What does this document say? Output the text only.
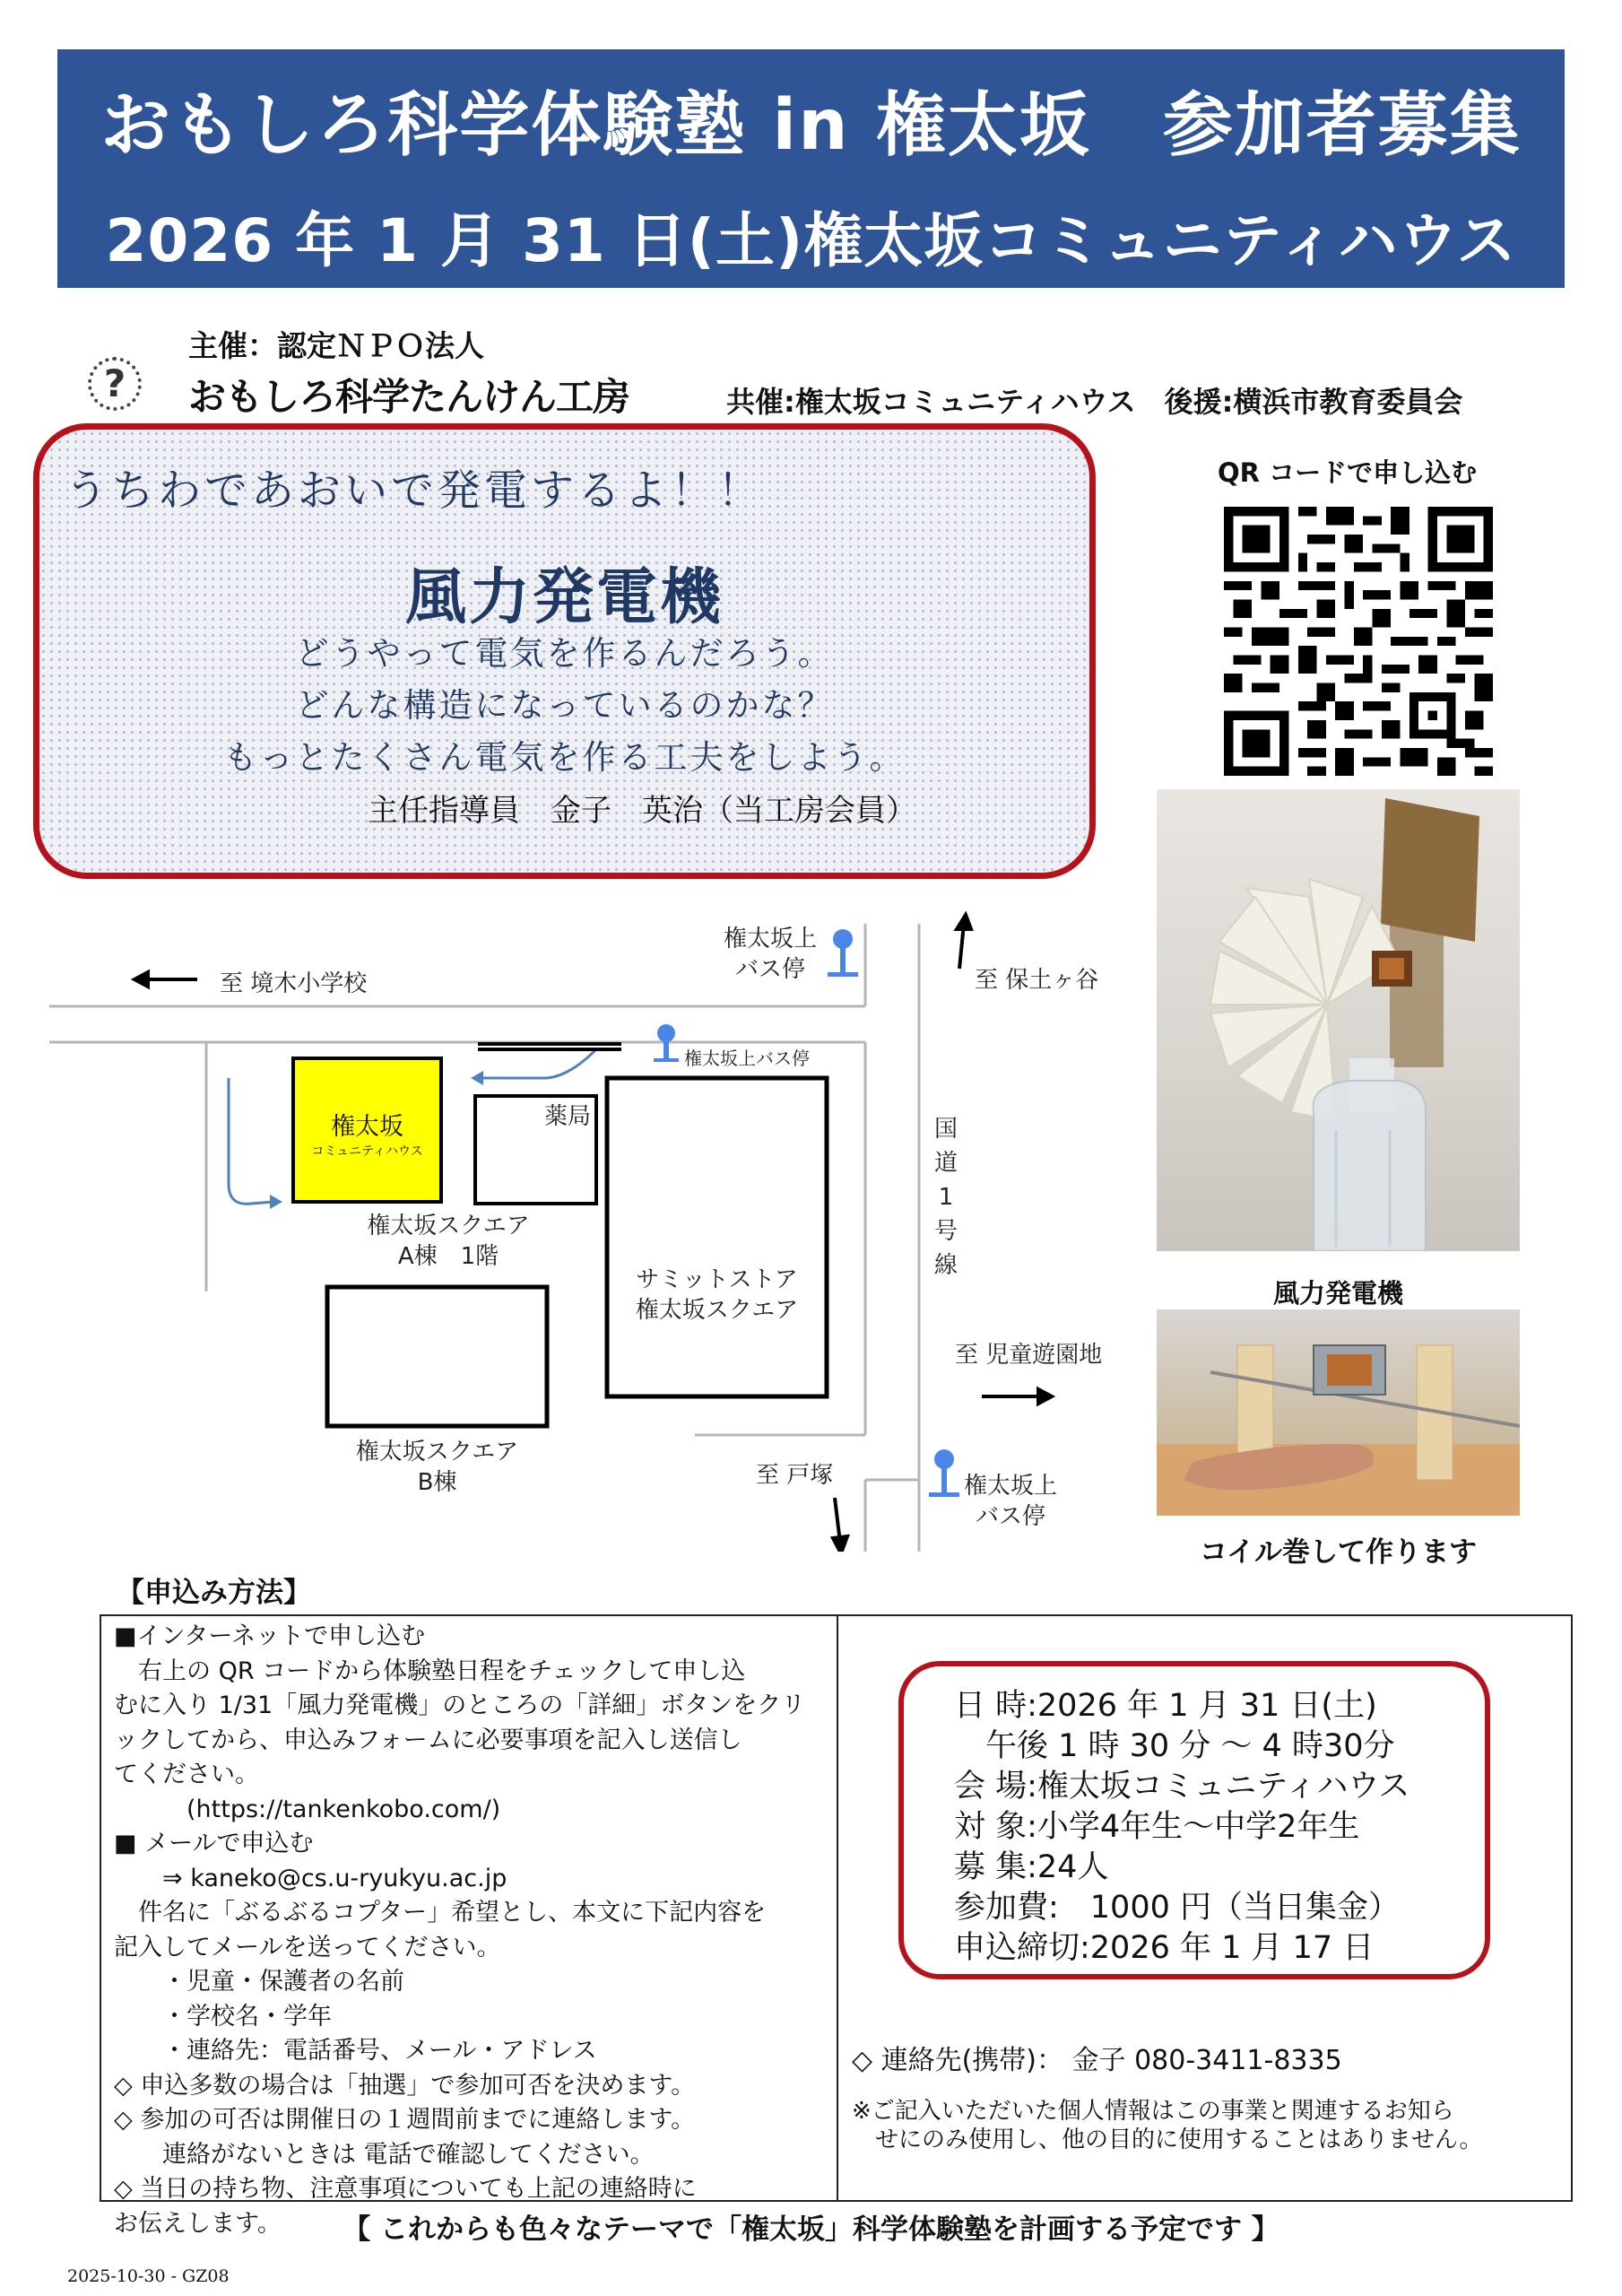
おもしろ科学体験塾 in 権太坂　参加者募集
2026 年 1 月 31 日(土)権太坂コミュニティハウス
主催：認定ＮＰＯ法人
?	おもしろ科学たんけん工房	共催:権太坂コミュニティハウス　後援:横浜市教育委員会
うちわであおいで発電するよ！！
風力発電機
どうやって電気を作るんだろう。
どんな構造になっているのかな？
もっとたくさん電気を作る工夫をしよう。
主任指導員　金子　英治（当工房会員）
QR コードで申し込む
風力発電機
コイル巻して作ります
至 境木小学校
権太坂上
バス停	至 保土ヶ谷
権太坂上バス停
薬局
権太坂
コミュニティハウス
国
道
1
号
線
権太坂スクエア
A棟　1階
サミットストア
権太坂スクエア
至 児童遊園地
権太坂スクエア
B棟	至 戸塚	権太坂上
バス停
【申込み方法】
■インターネットで申し込む
　右上の QR コードから体験塾日程をチェックして申し込
むに入り 1/31「風力発電機」のところの「詳細」ボタンをクリ
ックしてから、申込みフォームに必要事項を記入し送信し
てください。
　　　(https://tankenkobo.com/)
■ メールで申込む
　　⇒ kaneko@cs.u-ryukyu.ac.jp
　件名に「ぶるぶるコプター」希望とし、本文に下記内容を
記入してメールを送ってください。
　　・児童・保護者の名前
　　・学校名・学年
　　・連絡先：電話番号、メール・アドレス
◇ 申込多数の場合は「抽選」で参加可否を決めます。
◇ 参加の可否は開催日の１週間前までに連絡します。
　　連絡がないときは 電話で確認してください。
◇ 当日の持ち物、注意事項についても上記の連絡時に
お伝えします。
日 時:2026 年 1 月 31 日(土)
　午後 1 時 30 分 ～ 4 時30分
会 場:権太坂コミュニティハウス
対 象:小学4年生～中学2年生
募 集:24人
参加費:　1000 円（当日集金）
申込締切:2026 年 1 月 17 日
◇ 連絡先(携帯)： 金子 080-3411-8335
※ご記入いただいた個人情報はこの事業と関連するお知ら
　せにのみ使用し、他の目的に使用することはありません。
【 これからも色々なテーマで「権太坂」科学体験塾を計画する予定です 】
2025-10-30 - GZ08
